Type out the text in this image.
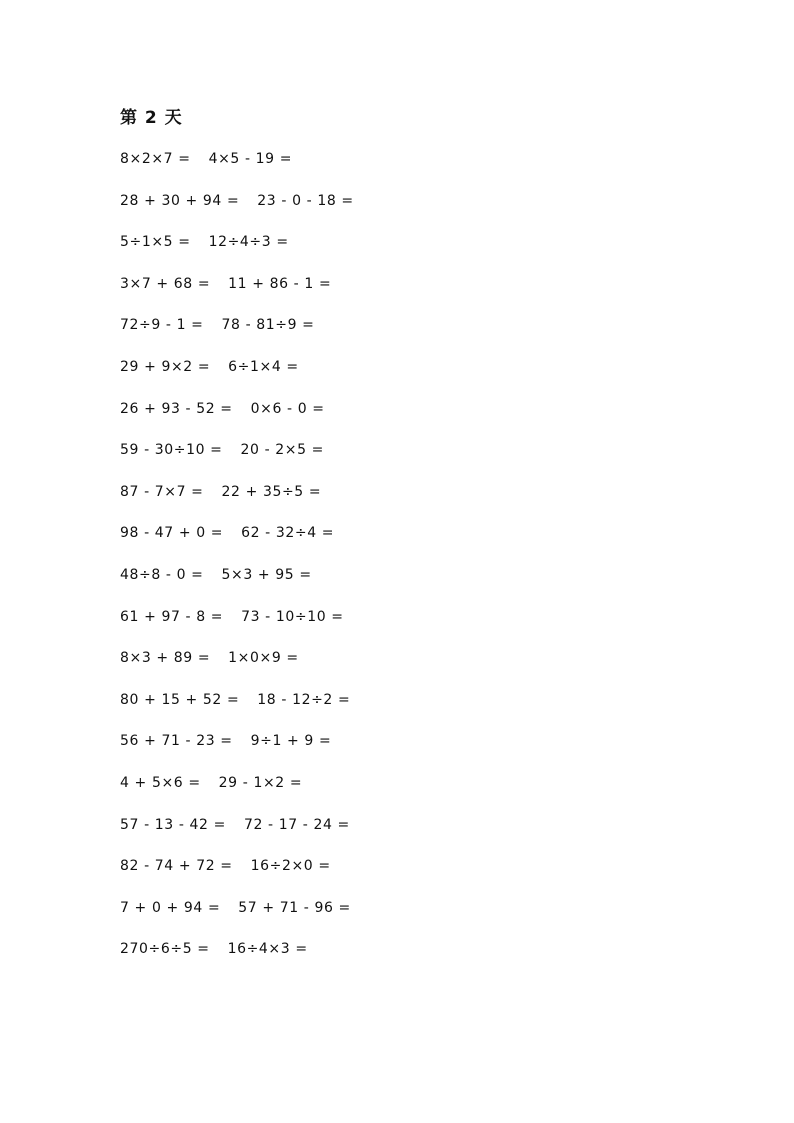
第 2 天
8×2×7 = 4×5 - 19 =
28 + 30 + 94 = 23 - 0 - 18 =
5÷1×5 = 12÷4÷3 =
3×7 + 68 = 11 + 86 - 1 =
72÷9 - 1 = 78 - 81÷9 =
29 + 9×2 = 6÷1×4 =
26 + 93 - 52 = 0×6 - 0 =
59 - 30÷10 = 20 - 2×5 =
87 - 7×7 = 22 + 35÷5 =
98 - 47 + 0 = 62 - 32÷4 =
48÷8 - 0 = 5×3 + 95 =
61 + 97 - 8 = 73 - 10÷10 =
8×3 + 89 = 1×0×9 =
80 + 15 + 52 = 18 - 12÷2 =
56 + 71 - 23 = 9÷1 + 9 =
4 + 5×6 = 29 - 1×2 =
57 - 13 - 42 = 72 - 17 - 24 =
82 - 74 + 72 = 16÷2×0 =
7 + 0 + 94 = 57 + 71 - 96 =
270÷6÷5 = 16÷4×3 =
